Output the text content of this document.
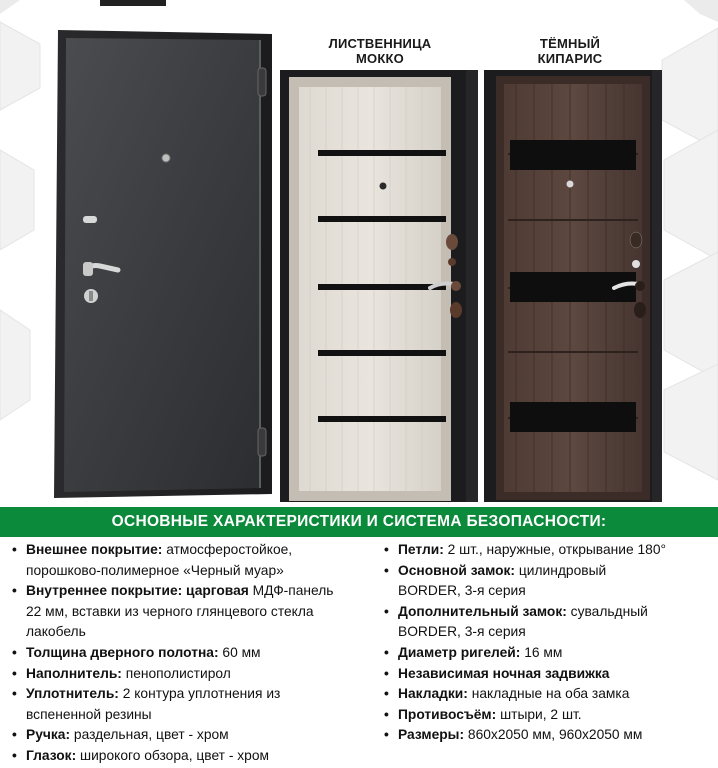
ЛИСТВЕННИЦА
МОККО
ТЁМНЫЙ
КИПАРИС
ОСНОВНЫЕ ХАРАКТЕРИСТИКИ И СИСТЕМА БЕЗОПАСНОСТИ:
• Внешнее покрытие: атмосферостойкое,
порошково-полимерное «Черный муар»
• Внутреннее покрытие: царговая МДФ-панель
22 мм, вставки из черного глянцевого стекла
лакобель
• Толщина дверного полотна: 60 мм
• Наполнитель: пенополистирол
• Уплотнитель: 2 контура уплотнения из
вспененной резины
• Ручка: раздельная, цвет - хром
• Глазок: широкого обзора, цвет - хром
• Петли: 2 шт., наружные, открывание 180°
• Основной замок: цилиндровый
BORDER, 3-я серия
• Дополнительный замок: сувальдный
BORDER, 3-я серия
• Диаметр ригелей: 16 мм
• Независимая ночная задвижка
• Накладки: накладные на оба замка
• Противосъём: штыри, 2 шт.
• Размеры: 860х2050 мм, 960х2050 мм
